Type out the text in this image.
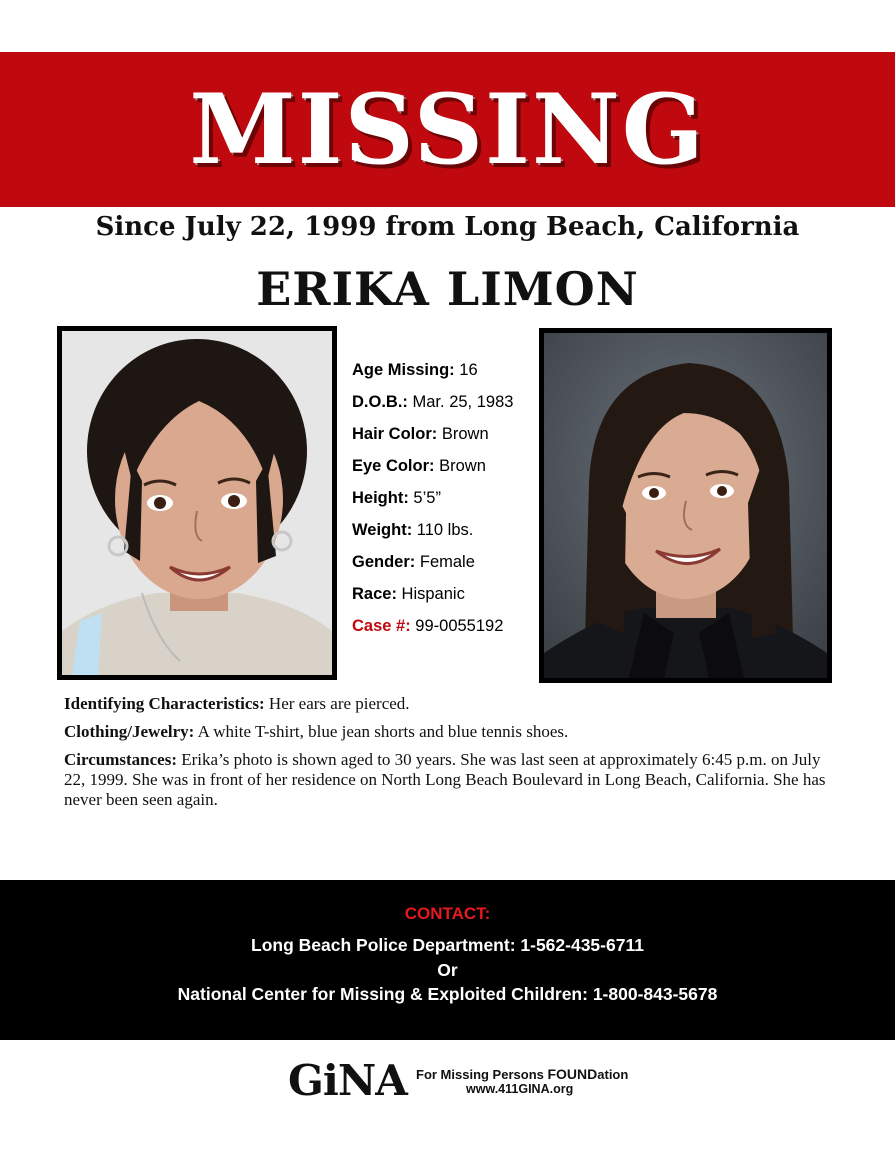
MISSING
Since July 22, 1999 from Long Beach, California
ERIKA LIMON
Age Missing: 16
D.O.B.: Mar. 25, 1983
Hair Color: Brown
Eye Color: Brown
Height: 5’5”
Weight: 110 lbs.
Gender: Female
Race: Hispanic
Case #: 99-0055192

Identifying Characteristics: Her ears are pierced.

Clothing/Jewelry: A white T-shirt, blue jean shorts and blue tennis shoes.

Circumstances: Erika’s photo is shown aged to 30 years. She was last seen at approximately 6:45 p.m. on July 22, 1999. She was in front of her residence on North Long Beach Boulevard in Long Beach, California. She has never been seen again.

CONTACT:
Long Beach Police Department: 1-562-435-6711
Or
National Center for Missing & Exploited Children: 1-800-843-5678
GiNA For Missing Persons FOUNDation
www.411GINA.org
